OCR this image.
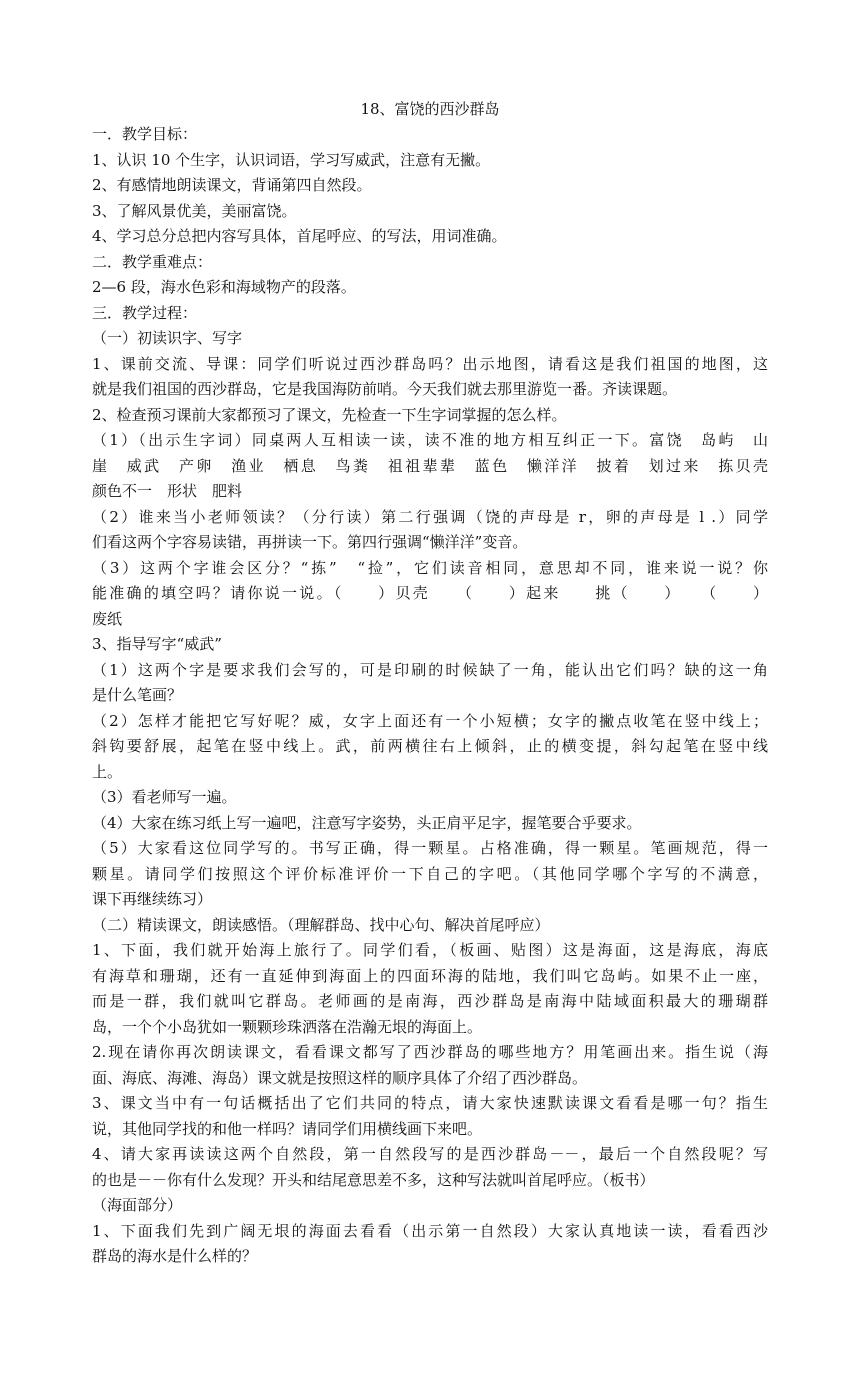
18、富饶的西沙群岛
一．教学目标：
1、认识 10 个生字，认识词语，学习写威武，注意有无撇。
2、有感情地朗读课文，背诵第四自然段。
3、了解风景优美，美丽富饶。
4、学习总分总把内容写具体，首尾呼应、的写法，用词准确。
二．教学重难点：
2—6 段，海水色彩和海域物产的段落。
三．教学过程：
（一）初读识字、写字
1、课前交流、导课：同学们听说过西沙群岛吗？出示地图，请看这是我们祖国的地图，这
就是我们祖国的西沙群岛，它是我国海防前哨。今天我们就去那里游览一番。齐读课题。
2、检查预习课前大家都预习了课文，先检查一下生字词掌握的怎么样。
（1）（出示生字词）同桌两人互相读一读，读不准的地方相互纠正一下。富饶　岛屿　山
崖　威武　产卵　渔业　栖息　鸟粪　祖祖辈辈　蓝色　懒洋洋　披着　划过来　拣贝壳
颜色不一　形状　肥料
（2）谁来当小老师领读？（分行读）第二行强调（饶的声母是 r，卵的声母是 l .）同学
们看这两个字容易读错，再拼读一下。第四行强调“懒洋洋”变音。
（3）这两个字谁会区分？“拣”　“捡”，它们读音相同，意思却不同，谁来说一说？你
能准确的填空吗？请你说一说。（　　）贝壳　　（　　）起来　　挑（　　）　　（　　）
废纸
3、指导写字“威武”
（1）这两个字是要求我们会写的，可是印刷的时候缺了一角，能认出它们吗？缺的这一角
是什么笔画？
（2）怎样才能把它写好呢？威，女字上面还有一个小短横；女字的撇点收笔在竖中线上；
斜钩要舒展，起笔在竖中线上。武，前两横往右上倾斜，止的横变提，斜勾起笔在竖中线
上。
（3）看老师写一遍。
（4）大家在练习纸上写一遍吧，注意写字姿势，头正肩平足字，握笔要合乎要求。
（5）大家看这位同学写的。书写正确，得一颗星。占格准确，得一颗星。笔画规范，得一
颗星。请同学们按照这个评价标准评价一下自己的字吧。（其他同学哪个字写的不满意，
课下再继续练习）
（二）精读课文，朗读感悟。（理解群岛、找中心句、解决首尾呼应）
1、下面，我们就开始海上旅行了。同学们看，（板画、贴图）这是海面，这是海底，海底
有海草和珊瑚，还有一直延伸到海面上的四面环海的陆地，我们叫它岛屿。如果不止一座，
而是一群，我们就叫它群岛。老师画的是南海，西沙群岛是南海中陆域面积最大的珊瑚群
岛，一个个小岛犹如一颗颗珍珠洒落在浩瀚无垠的海面上。
2.现在请你再次朗读课文，看看课文都写了西沙群岛的哪些地方？用笔画出来。指生说（海
面、海底、海滩、海岛）课文就是按照这样的顺序具体了介绍了西沙群岛。
3、课文当中有一句话概括出了它们共同的特点，请大家快速默读课文看看是哪一句？指生
说，其他同学找的和他一样吗？请同学们用横线画下来吧。
4、请大家再读读这两个自然段，第一自然段写的是西沙群岛－－，最后一个自然段呢？写
的也是－－你有什么发现？开头和结尾意思差不多，这种写法就叫首尾呼应。（板书）
（海面部分）
1、下面我们先到广阔无垠的海面去看看（出示第一自然段）大家认真地读一读，看看西沙
群岛的海水是什么样的？
